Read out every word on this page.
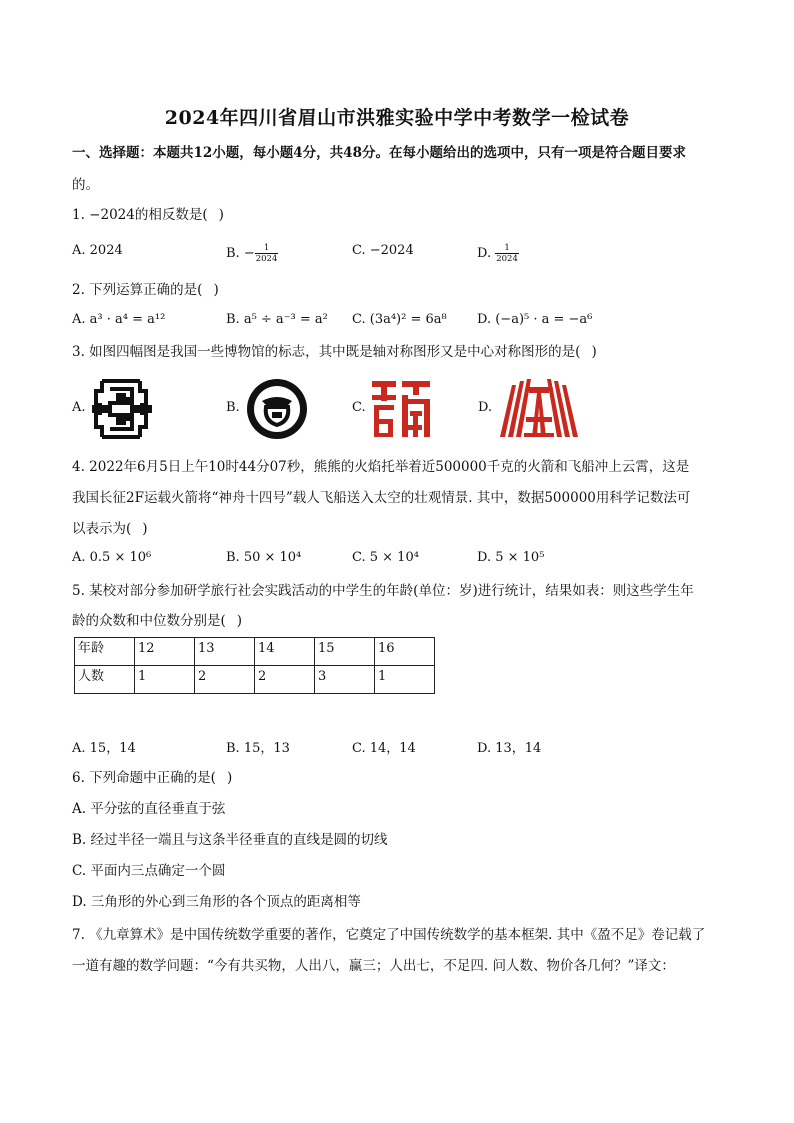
2024年四川省眉山市洪雅实验中学中考数学一检试卷
一、选择题：本题共12小题，每小题4分，共48分。在每小题给出的选项中，只有一项是符合题目要求
的。
1. −2024的相反数是(  )
A. 2024	B. − $\frac{1}{2024}$	C. −2024	D. $\frac{1}{2024}$
2. 下列运算正确的是(  )
A. a³ · a⁴ = a¹²	B. a⁵ ÷ a⁻³ = a² C. (3a⁴)² = 6a⁸ D. (−a)⁵ · a = −a⁶
3. 如图四幅图是我国一些博物馆的标志，其中既是轴对称图形又是中心对称图形的是(  )
A.	B.	C.	D.
4. 2022年6月5日上午10时44分07秒，熊熊的火焰托举着近500000千克的火箭和飞船冲上云霄，这是
我国长征2F运载火箭将“神舟十四号”载人飞船送入太空的壮观情景. 其中，数据500000用科学记数法可
以表示为(  )
A. 0.5 × 10⁶	B. 50 × 10⁴	C. 5 × 10⁴	D. 5 × 10⁵
5. 某校对部分参加研学旅行社会实践活动的中学生的年龄(单位：岁)进行统计，结果如表：则这些学生年
龄的众数和中位数分别是(  )
年龄	12	13	14	15	16
人数	1	2	2	3	1
A. 15，14	B. 15，13	C. 14，14	D. 13，14
6. 下列命题中正确的是(  )
A. 平分弦的直径垂直于弦
B. 经过半径一端且与这条半径垂直的直线是圆的切线
C. 平面内三点确定一个圆
D. 三角形的外心到三角形的各个顶点的距离相等
7. 《九章算术》是中国传统数学重要的著作，它奠定了中国传统数学的基本框架. 其中《盈不足》卷记载了
一道有趣的数学问题：“今有共买物，人出八，赢三；人出七，不足四. 问人数、物价各几何？”译文：
